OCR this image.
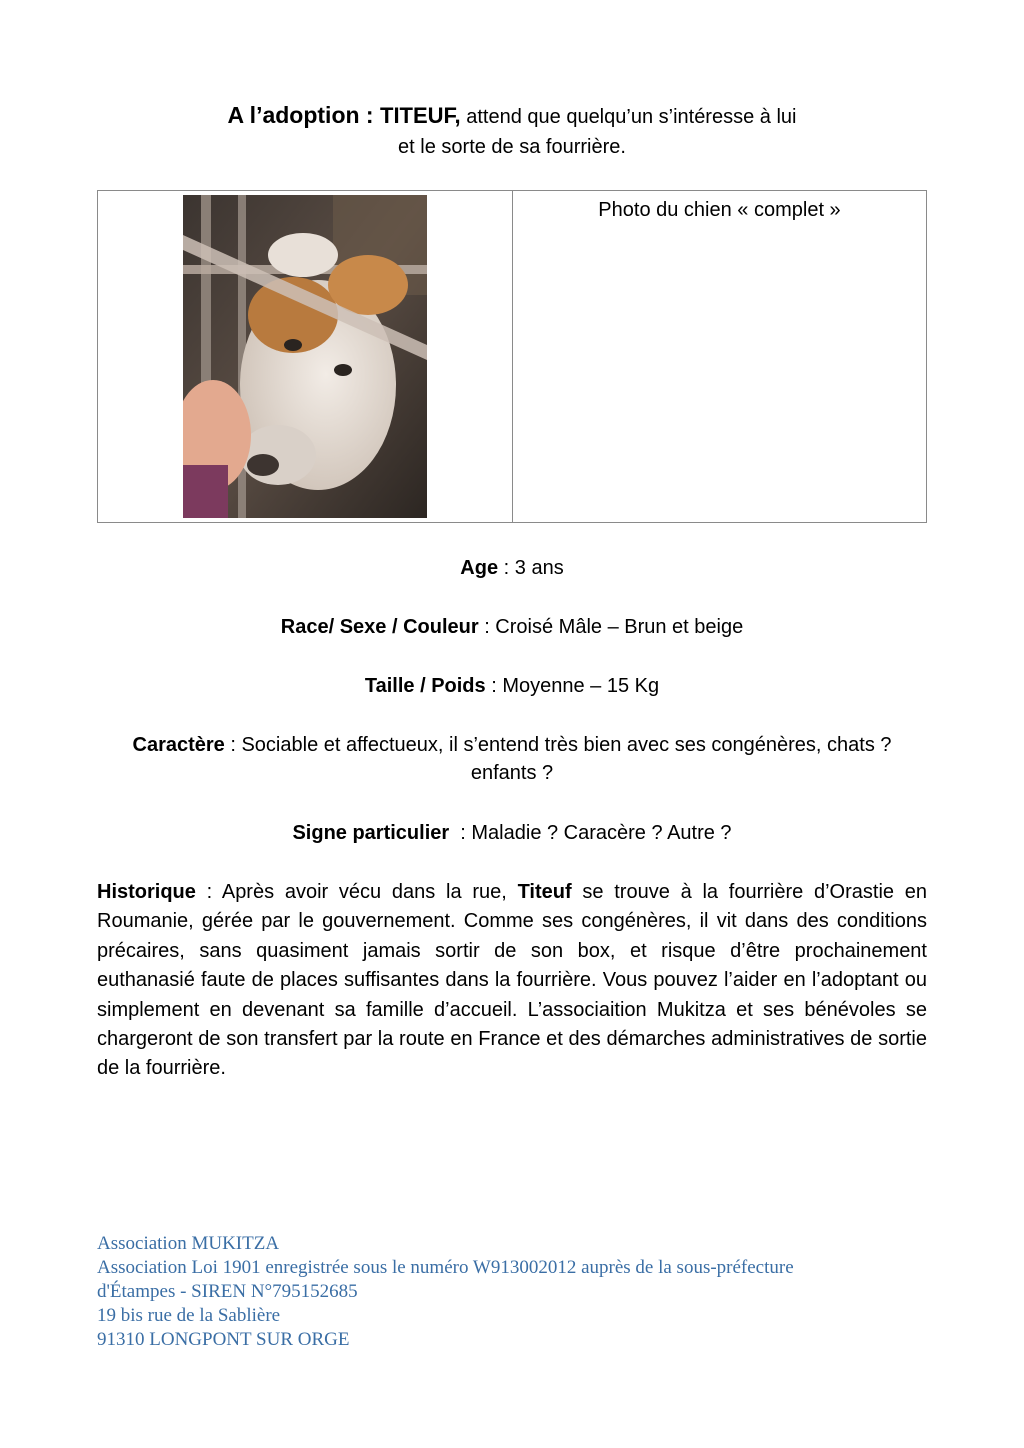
A l’adoption : TITEUF, attend que quelqu’un s’intéresse à lui
et le sorte de sa fourrière.
Photo du chien « complet »
Age : 3 ans
Race/ Sexe / Couleur : Croisé Mâle – Brun et beige
Taille / Poids : Moyenne – 15 Kg
Caractère : Sociable et affectueux, il s’entend très bien avec ses congénères, chats ? enfants ?
Signe particulier  : Maladie ? Caracère ? Autre ?
Historique : Après avoir vécu dans la rue, Titeuf se trouve à la fourrière d’Orastie en Roumanie, gérée par le gouvernement. Comme ses congénères, il vit dans des conditions précaires, sans quasiment jamais sortir de son box, et risque d’être prochainement euthanasié faute de places suffisantes dans la fourrière. Vous pouvez l’aider en l’adoptant ou simplement en devenant sa famille d’accueil. L’associaition Mukitza et ses bénévoles se chargeront de son transfert par la route en France et des démarches administratives de sortie de la fourrière.
Association MUKITZA
Association Loi 1901 enregistrée sous le numéro W913002012 auprès de la sous-préfecture
d'Étampes - SIREN N°795152685
19 bis rue de la Sablière
91310 LONGPONT SUR ORGE
